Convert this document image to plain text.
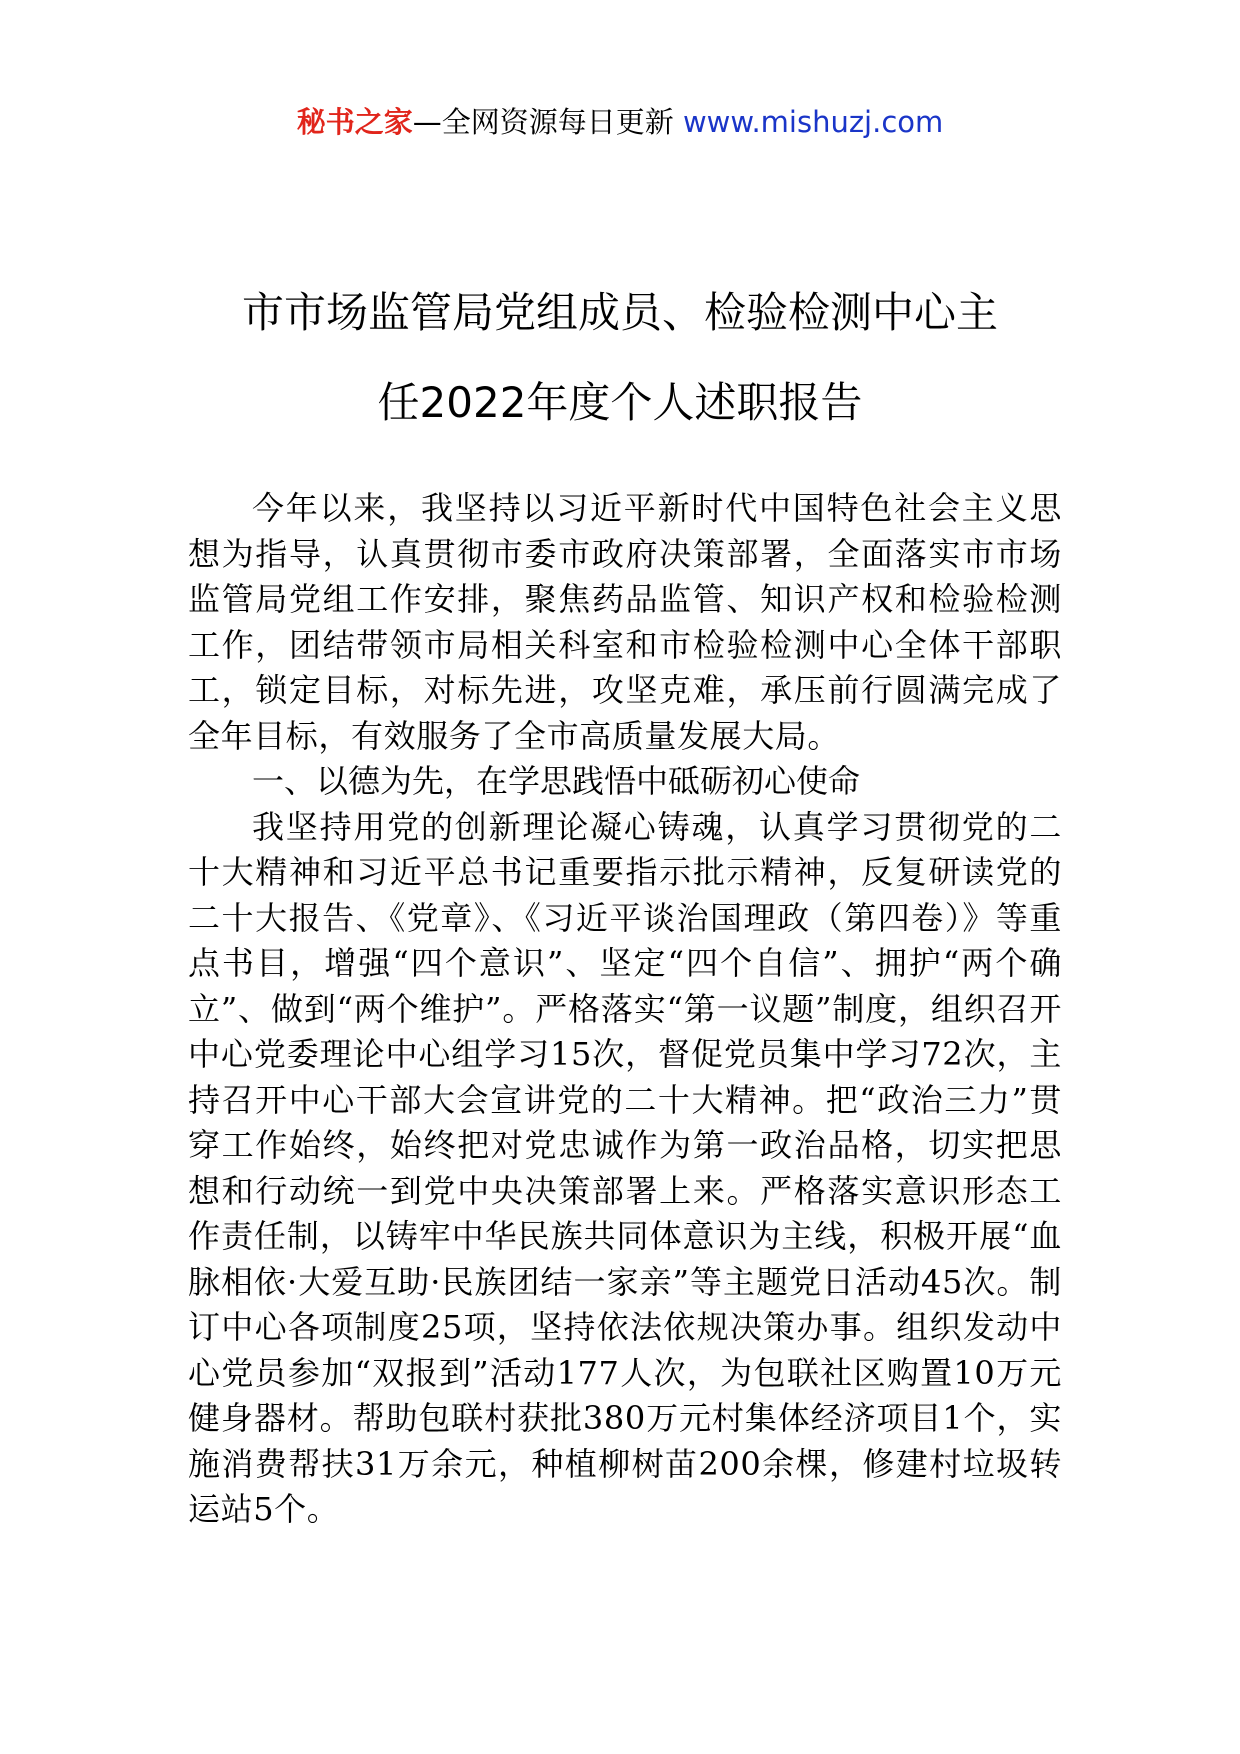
秘书之家—全网资源每日更新 www.mishuzj.com
市市场监管局党组成员、检验检测中心主
任2022年度个人述职报告

今年以来，我坚持以习近平新时代中国特色社会主义思想为指导，认真贯彻市委市政府决策部署，全面落实市市场监管局党组工作安排，聚焦药品监管、知识产权和检验检测工作，团结带领市局相关科室和市检验检测中心全体干部职工，锁定目标，对标先进，攻坚克难，承压前行圆满完成了全年目标，有效服务了全市高质量发展大局。

一、以德为先，在学思践悟中砥砺初心使命

我坚持用党的创新理论凝心铸魂，认真学习贯彻党的二十大精神和习近平总书记重要指示批示精神，反复研读党的二十大报告、《党章》、《习近平谈治国理政（第四卷）》等重点书目，增强“四个意识”、坚定“四个自信”、拥护“两个确立”、做到“两个维护”。严格落实“第一议题”制度，组织召开中心党委理论中心组学习15次，督促党员集中学习72次，主持召开中心干部大会宣讲党的二十大精神。把“政治三力”贯穿工作始终，始终把对党忠诚作为第一政治品格，切实把思想和行动统一到党中央决策部署上来。严格落实意识形态工作责任制，以铸牢中华民族共同体意识为主线，积极开展“血脉相依·大爱互助·民族团结一家亲”等主题党日活动45次。制订中心各项制度25项，坚持依法依规决策办事。组织发动中心党员参加“双报到”活动177人次，为包联社区购置10万元健身器材。帮助包联村获批380万元村集体经济项目1个，实施消费帮扶31万余元，种植柳树苗200余棵，修建村垃圾转运站5个。
